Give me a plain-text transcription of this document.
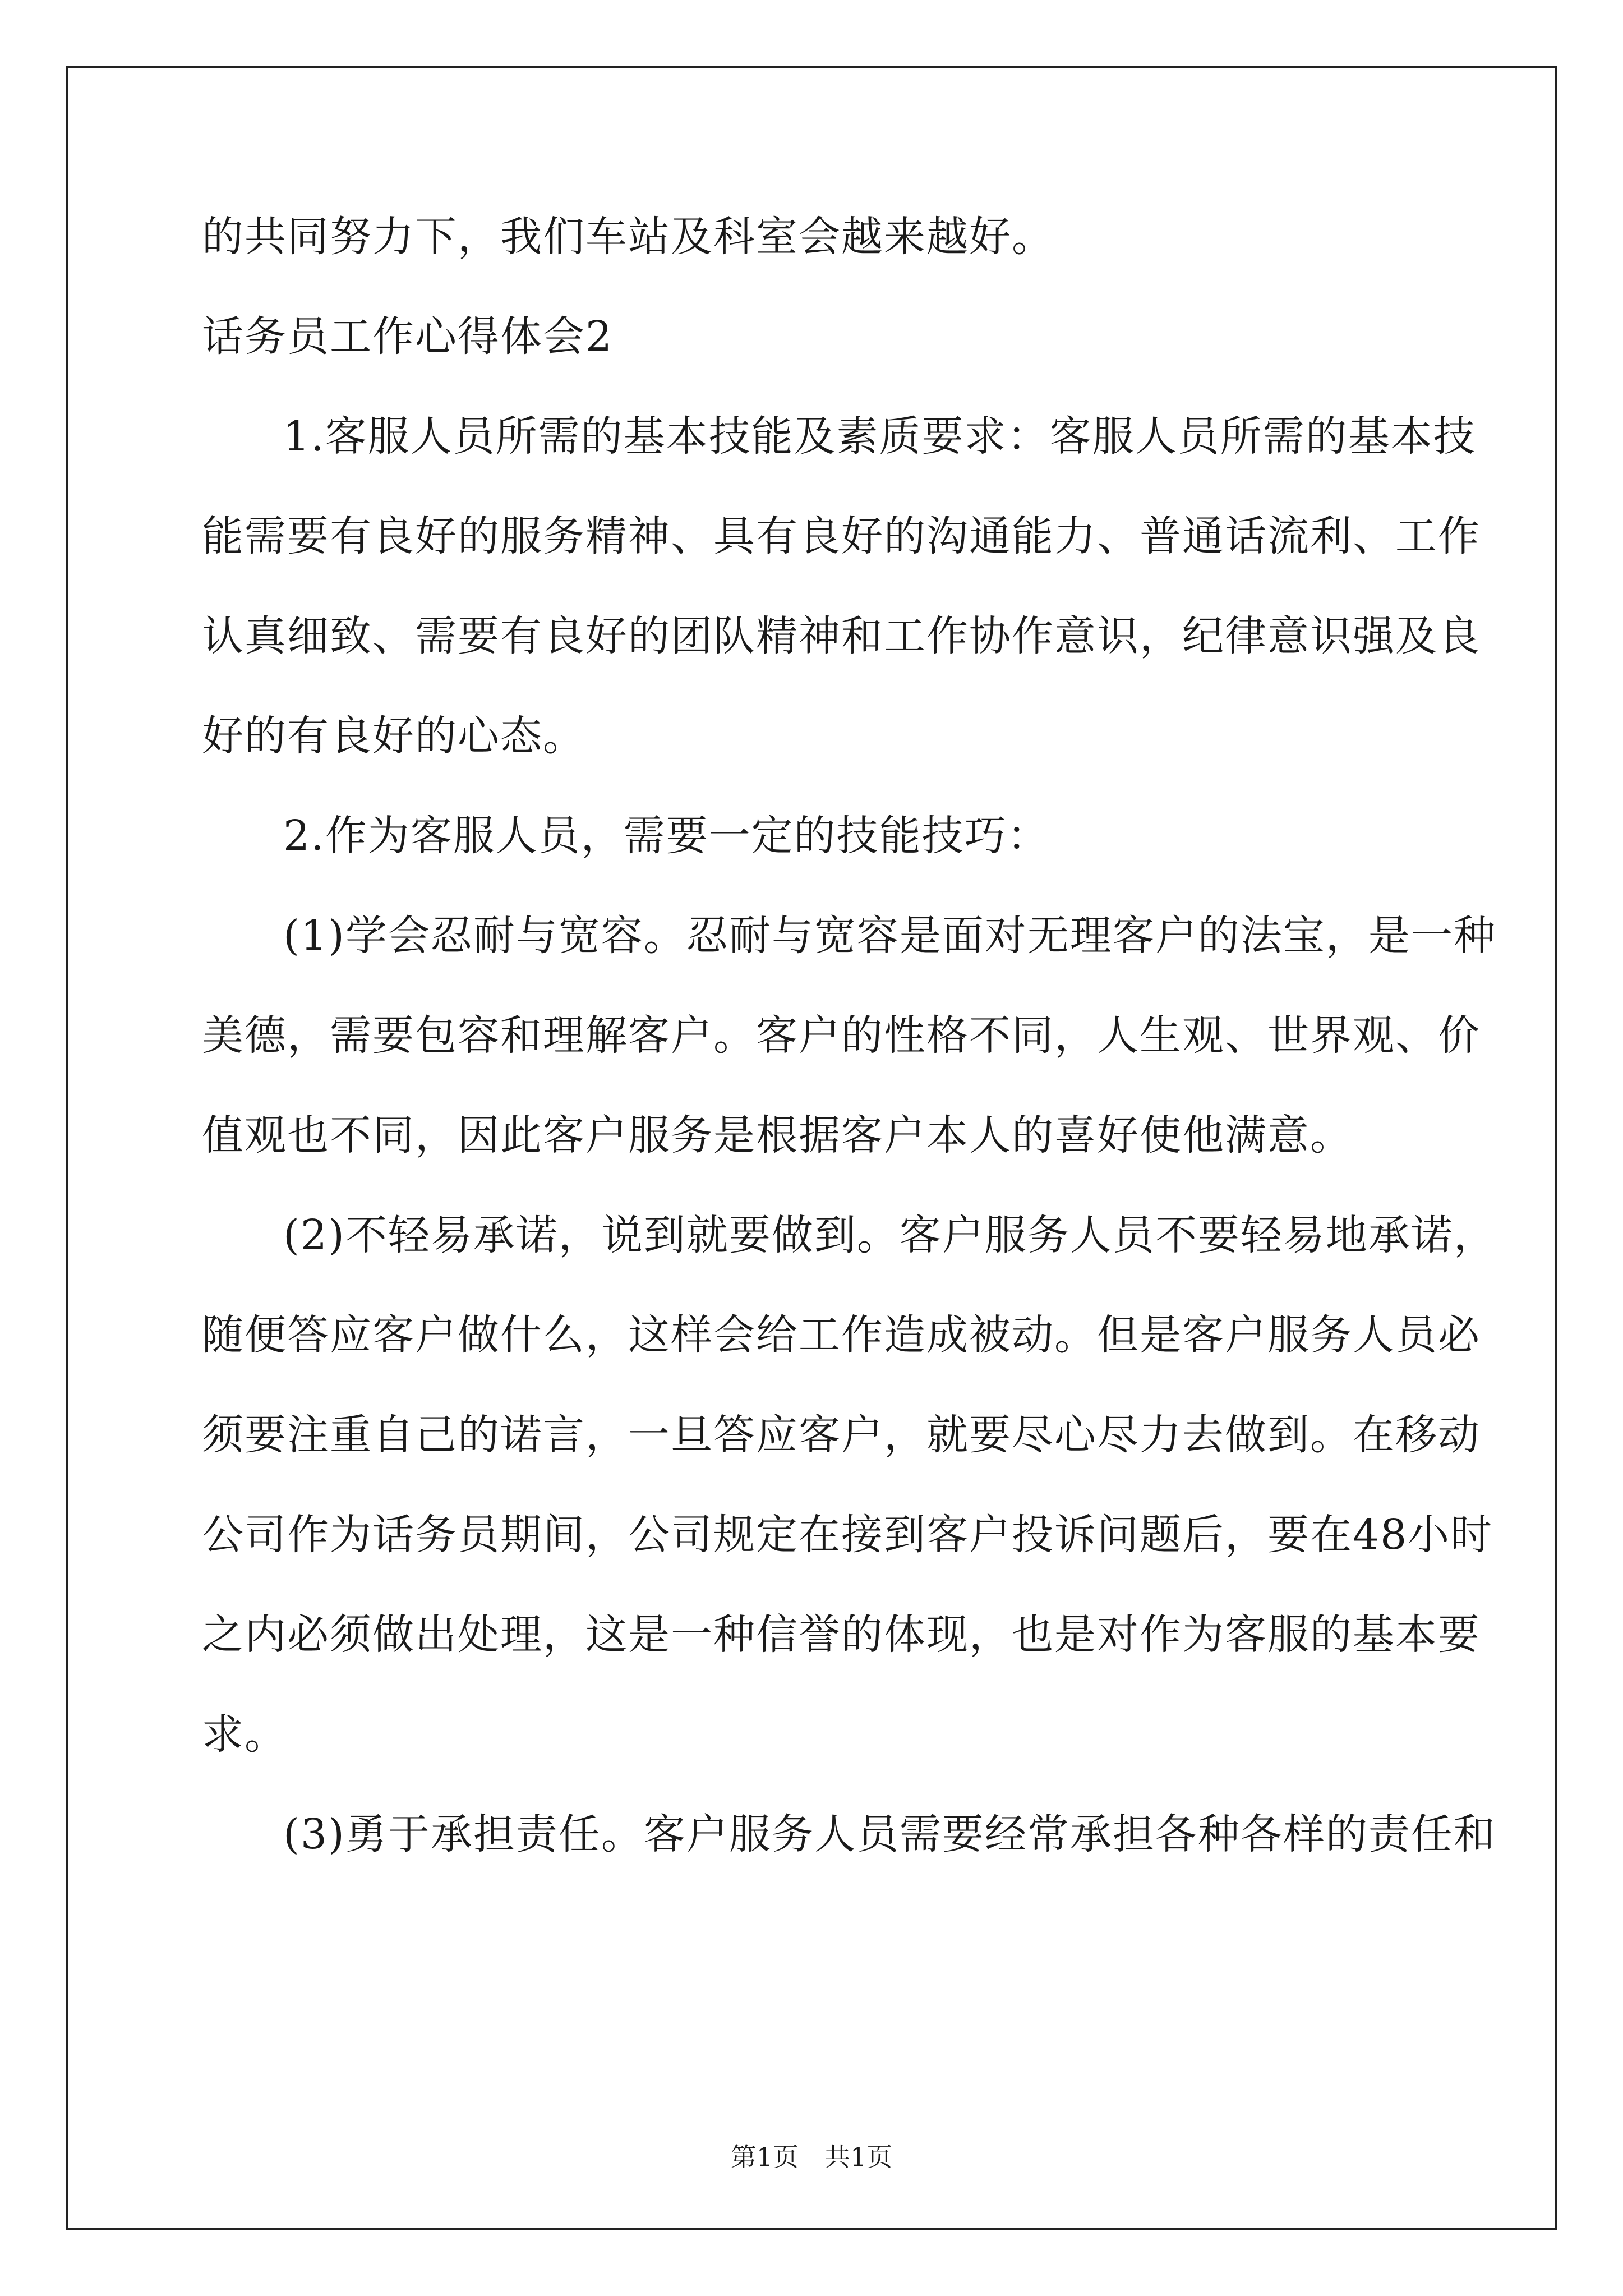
的共同努力下，我们车站及科室会越来越好。
话务员工作心得体会2
1.客服人员所需的基本技能及素质要求：客服人员所需的基本技
能需要有良好的服务精神、具有良好的沟通能力、普通话流利、工作
认真细致、需要有良好的团队精神和工作协作意识，纪律意识强及良
好的有良好的心态。
2.作为客服人员，需要一定的技能技巧：
(1)学会忍耐与宽容。忍耐与宽容是面对无理客户的法宝，是一种
美德，需要包容和理解客户。客户的性格不同，人生观、世界观、价
值观也不同，因此客户服务是根据客户本人的喜好使他满意。
(2)不轻易承诺，说到就要做到。客户服务人员不要轻易地承诺，
随便答应客户做什么，这样会给工作造成被动。但是客户服务人员必
须要注重自己的诺言，一旦答应客户，就要尽心尽力去做到。在移动
公司作为话务员期间，公司规定在接到客户投诉问题后，要在48小时
之内必须做出处理，这是一种信誉的体现，也是对作为客服的基本要
求。
(3)勇于承担责任。客户服务人员需要经常承担各种各样的责任和
第1页　共1页
